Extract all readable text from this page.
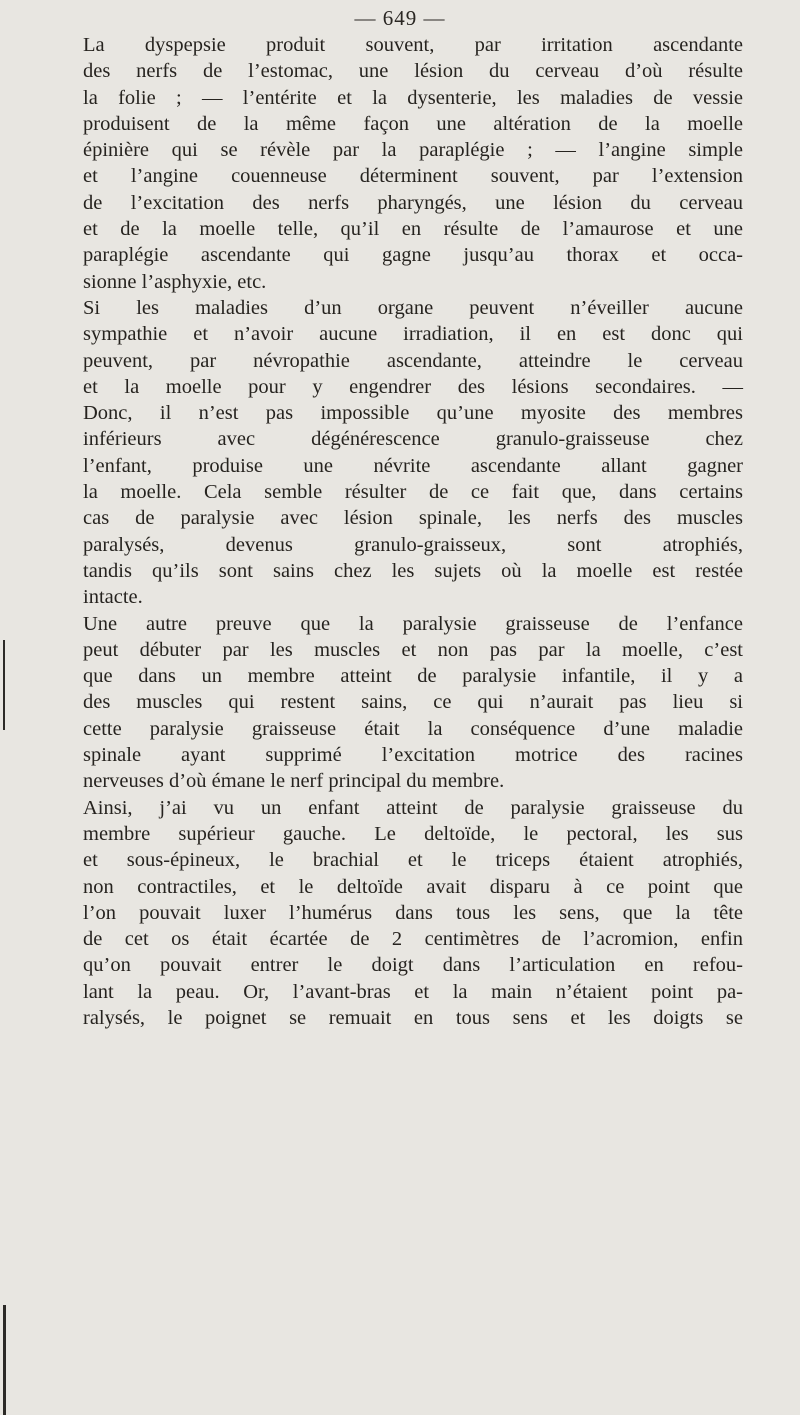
— 649 —
La dyspepsie produit souvent, par irritation ascendante
des nerfs de l’estomac, une lésion du cerveau d’où résulte
la folie ; — l’entérite et la dysenterie, les maladies de vessie
produisent de la même façon une altération de la moelle
épinière qui se révèle par la paraplégie ; — l’angine simple
et l’angine couenneuse déterminent souvent, par l’extension
de l’excitation des nerfs pharyngés, une lésion du cerveau
et de la moelle telle, qu’il en résulte de l’amaurose et une
paraplégie ascendante qui gagne jusqu’au thorax et occa-
sionne l’asphyxie, etc.
Si les maladies d’un organe peuvent n’éveiller aucune
sympathie et n’avoir aucune irradiation, il en est donc qui
peuvent, par névropathie ascendante, atteindre le cerveau
et la moelle pour y engendrer des lésions secondaires. —
Donc, il n’est pas impossible qu’une myosite des membres
inférieurs avec dégénérescence granulo-graisseuse chez
l’enfant, produise une névrite ascendante allant gagner
la moelle. Cela semble résulter de ce fait que, dans certains
cas de paralysie avec lésion spinale, les nerfs des muscles
paralysés, devenus granulo-graisseux, sont atrophiés,
tandis qu’ils sont sains chez les sujets où la moelle est restée
intacte.
Une autre preuve que la paralysie graisseuse de l’enfance
peut débuter par les muscles et non pas par la moelle, c’est
que dans un membre atteint de paralysie infantile, il y a
des muscles qui restent sains, ce qui n’aurait pas lieu si
cette paralysie graisseuse était la conséquence d’une maladie
spinale ayant supprimé l’excitation motrice des racines
nerveuses d’où émane le nerf principal du membre.
Ainsi, j’ai vu un enfant atteint de paralysie graisseuse du
membre supérieur gauche. Le deltoïde, le pectoral, les sus
et sous-épineux, le brachial et le triceps étaient atrophiés,
non contractiles, et le deltoïde avait disparu à ce point que
l’on pouvait luxer l’humérus dans tous les sens, que la tête
de cet os était écartée de 2 centimètres de l’acromion, enfin
qu’on pouvait entrer le doigt dans l’articulation en refou-
lant la peau. Or, l’avant-bras et la main n’étaient point pa-
ralysés, le poignet se remuait en tous sens et les doigts se
